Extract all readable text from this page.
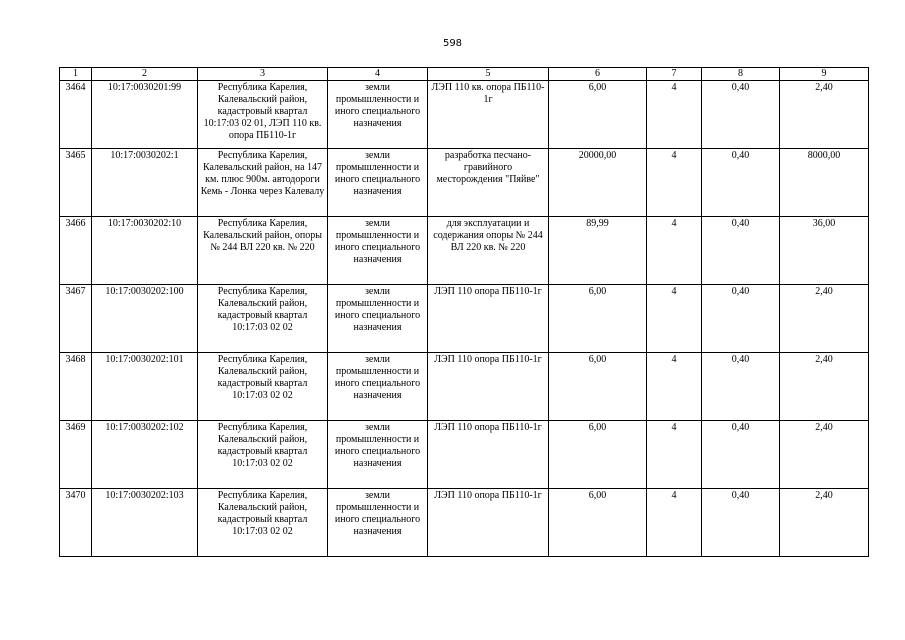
598
1	2	3	4	5	6	7	8	9
3464	10:17:0030201:99	Республика Карелия, Калевальский район, кадастровый квартал 10:17:03 02 01, ЛЭП 110 кв. опора ПБ110-1г	земли промышленности и иного специального назначения	ЛЭП 110 кв. опора ПБ110-1г	6,00	4	0,40	2,40
3465	10:17:0030202:1	Республика Карелия, Калевальский район, на 147 км. плюс 900м. автодороги Кемь - Лонка через Калевалу	земли промышленности и иного специального назначения	разработка песчано-гравийного месторождения "Пяйве"	20000,00	4	0,40	8000,00
3466	10:17:0030202:10	Республика Карелия, Калевальский район, опоры № 244 ВЛ 220 кв. № 220	земли промышленности и иного специального назначения	для эксплуатации и содержания опоры № 244 ВЛ 220 кв. № 220	89,99	4	0,40	36,00
3467	10:17:0030202:100	Республика Карелия, Калевальский район, кадастровый квартал 10:17:03 02 02	земли промышленности и иного специального назначения	ЛЭП 110 опора ПБ110-1г	6,00	4	0,40	2,40
3468	10:17:0030202:101	Республика Карелия, Калевальский район, кадастровый квартал 10:17:03 02 02	земли промышленности и иного специального назначения	ЛЭП 110 опора ПБ110-1г	6,00	4	0,40	2,40
3469	10:17:0030202:102	Республика Карелия, Калевальский район, кадастровый квартал 10:17:03 02 02	земли промышленности и иного специального назначения	ЛЭП 110 опора ПБ110-1г	6,00	4	0,40	2,40
3470	10:17:0030202:103	Республика Карелия, Калевальский район, кадастровый квартал 10:17:03 02 02	земли промышленности и иного специального назначения	ЛЭП 110 опора ПБ110-1г	6,00	4	0,40	2,40
